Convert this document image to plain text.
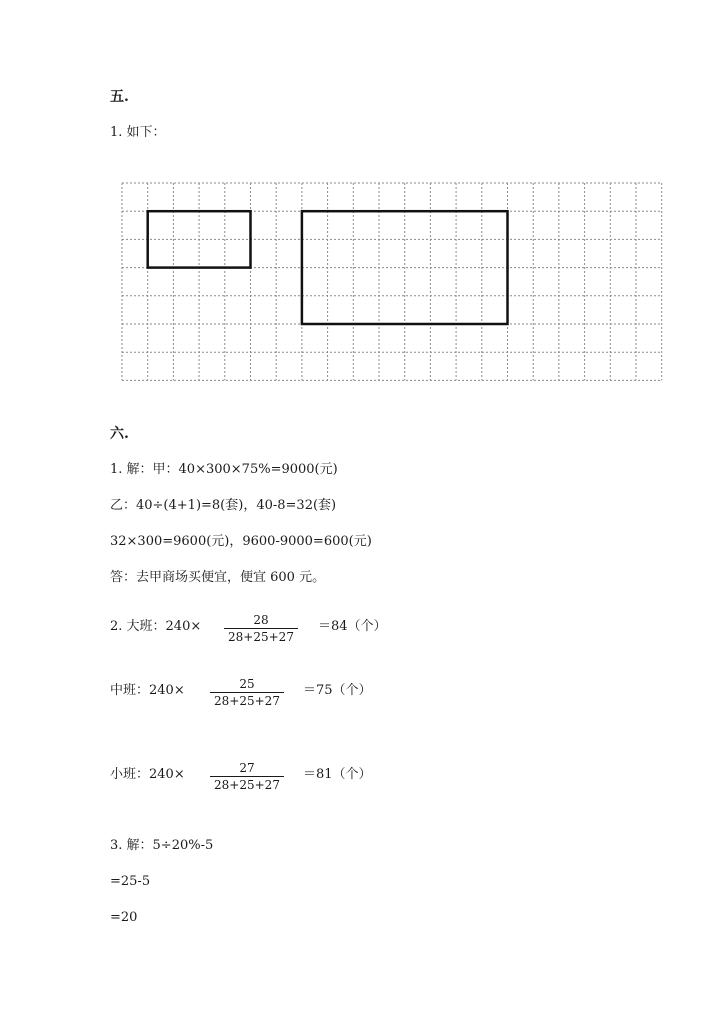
五.
1. 如下：
六.
1. 解：甲：40×300×75%=9000(元)
乙：40÷(4+1)=8(套)，40-8=32(套)
32×300=9600(元)，9600-9000=600(元)
答：去甲商场买便宜，便宜 600 元。
2. 大班：240×	28
28+25+27
＝84（个）
中班：240×	25
28+25+27
＝75（个）
小班：240×	27
28+25+27
＝81（个）
3. 解：5÷20%-5
=25-5
=20
